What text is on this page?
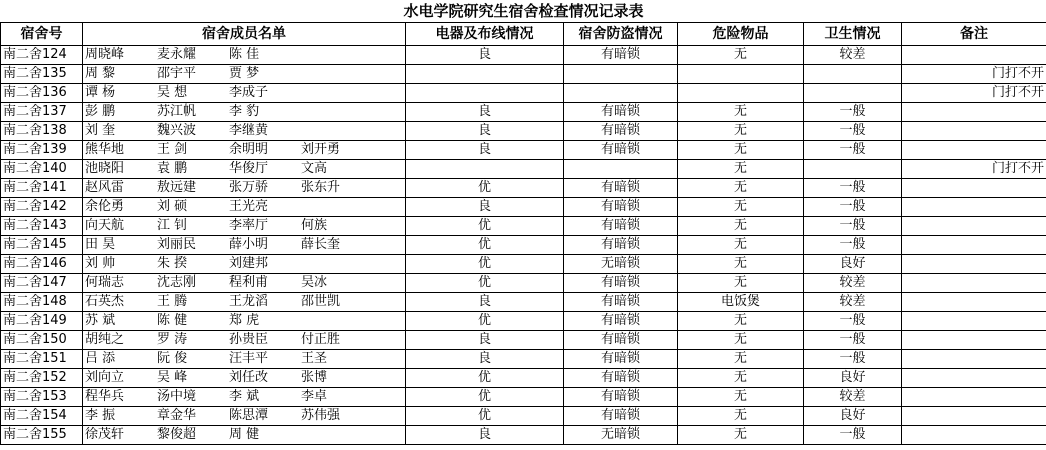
水电学院研究生宿舍检查情况记录表						
宿舍号	宿舍成员名单	电器及布线情况	宿舍防盗情况	危险物品	卫生情况	备注
南二舍124	周晓峰 麦永耀 陈 佳	良	有暗锁	无	较差	
南二舍135	周 黎 邵宇平 贾 梦					门打不开
南二舍136	谭 杨 吴 想 李成子					门打不开
南二舍137	彭 鹏 苏江帆 李 豹	良	有暗锁	无	一般	
南二舍138	刘 奎 魏兴波 李继黄	良	有暗锁	无	一般	
南二舍139	熊华地 王 剑 余明明 刘开勇	良	有暗锁	无	一般	
南二舍140	池晓阳 袁 鹏 华俊厅 文高			无		门打不开
南二舍141	赵风雷 敖远建 张万骄 张东升	优	有暗锁	无	一般	
南二舍142	余伦勇 刘 硕 王光亮	良	有暗锁	无	一般	
南二舍143	向天航 江 钊 李率厅 何族	优	有暗锁	无	一般	
南二舍145	田 昊 刘丽民 薛小明 薛长奎	优	有暗锁	无	一般	
南二舍146	刘 帅 朱 揆 刘建邦	优	无暗锁	无	良好	
南二舍147	何瑞志 沈志刚 程利甫 吴冰	优	有暗锁	无	较差	
南二舍148	石英杰 王 腾 王龙滔 邵世凯	良	有暗锁	电饭煲	较差	
南二舍149	苏 斌 陈 健 郑 虎	优	有暗锁	无	一般	
南二舍150	胡纯之 罗 涛 孙贵臣 付正胜	良	有暗锁	无	一般	
南二舍151	吕 添 阮 俊 汪丰平 王圣	良	有暗锁	无	一般	
南二舍152	刘向立 吴 峰 刘任改 张博	优	有暗锁	无	良好	
南二舍153	程华兵 汤中境 李 斌 李卓	优	有暗锁	无	较差	
南二舍154	李 振 章金华 陈思潭 苏伟强	优	有暗锁	无	良好	
南二舍155	徐茂轩 黎俊超 周 健	良	无暗锁	无	一般	
